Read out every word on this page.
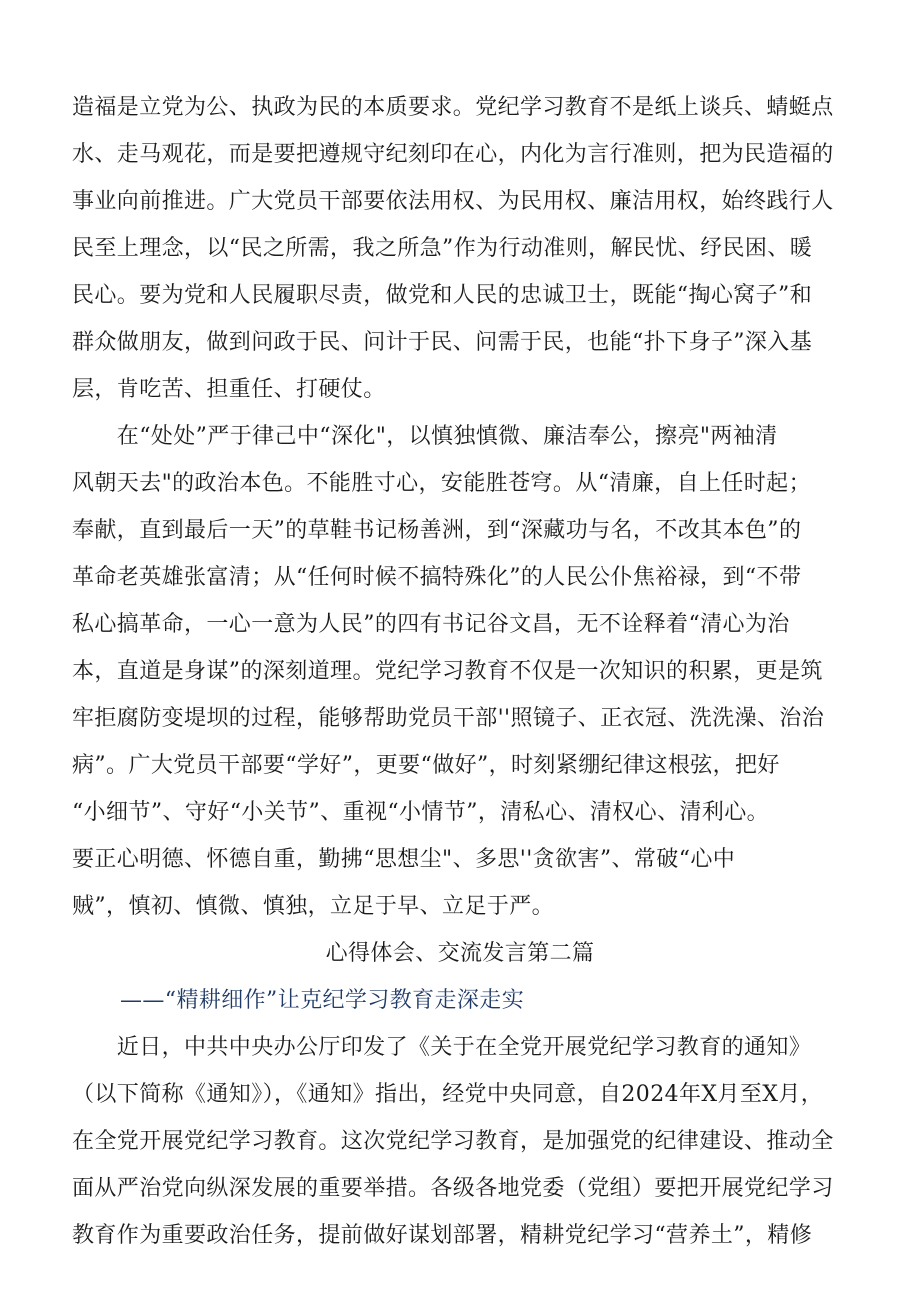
造福是立党为公、执政为民的本质要求。党纪学习教育不是纸上谈兵、蜻蜓点
水、走马观花，而是要把遵规守纪刻印在心，内化为言行准则，把为民造福的
事业向前推进。广大党员干部要依法用权、为民用权、廉洁用权，始终践行人
民至上理念，以“民之所需，我之所急”作为行动准则，解民忧、纾民困、暖
民心。要为党和人民履职尽责，做党和人民的忠诚卫士，既能“掏心窝子”和
群众做朋友，做到问政于民、问计于民、问需于民，也能“扑下身子”深入基
层，肯吃苦、担重任、打硬仗。
　　在“处处”严于律己中“深化"，以慎独慎微、廉洁奉公，擦亮"两袖清
风朝天去"的政治本色。不能胜寸心，安能胜苍穹。从“清廉，自上任时起；
奉献，直到最后一天”的草鞋书记杨善洲，到“深藏功与名，不改其本色”的
革命老英雄张富清；从“任何时候不搞特殊化”的人民公仆焦裕禄，到“不带
私心搞革命，一心一意为人民”的四有书记谷文昌，无不诠释着“清心为治
本，直道是身谋”的深刻道理。党纪学习教育不仅是一次知识的积累，更是筑
牢拒腐防变堤坝的过程，能够帮助党员干部''照镜子、正衣冠、洗洗澡、治治
病”。广大党员干部要“学好”，更要“做好”，时刻紧绷纪律这根弦，把好
“小细节”、守好“小关节”、重视“小情节”，清私心、清权心、清利心。
要正心明德、怀德自重，勤拂“思想尘"、多思''贪欲害”、常破“心中
贼”，慎初、慎微、慎独，立足于早、立足于严。
心得体会、交流发言第二篇
——“精耕细作”让克纪学习教育走深走实
　　近日，中共中央办公厅印发了《关于在全党开展党纪学习教育的通知》
（以下简称《通知》），《通知》指出，经党中央同意，自2024年X月至X月，
在全党开展党纪学习教育。这次党纪学习教育，是加强党的纪律建设、推动全
面从严治党向纵深发展的重要举措。各级各地党委（党组）要把开展党纪学习
教育作为重要政治任务，提前做好谋划部署，精耕党纪学习“营养土”，精修
